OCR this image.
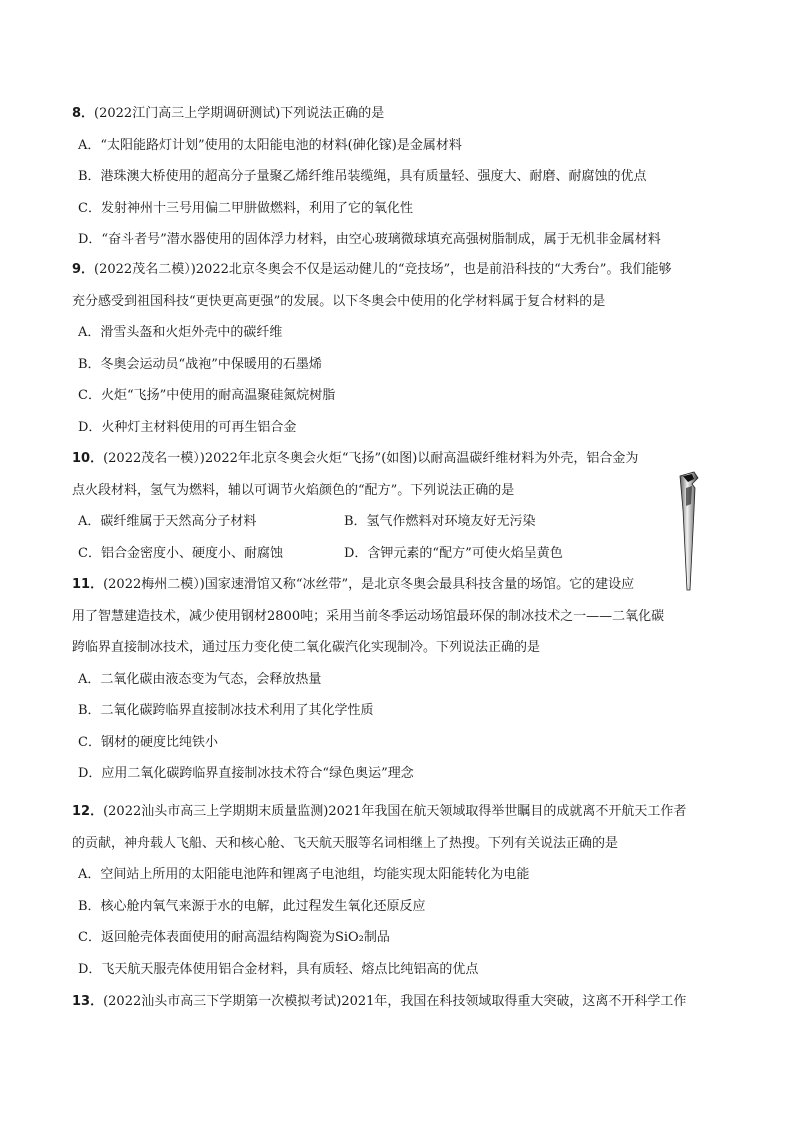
8．(2022江门高三上学期调研测试)下列说法正确的是
A．“太阳能路灯计划”使用的太阳能电池的材料(砷化镓)是金属材料
B．港珠澳大桥使用的超高分子量聚乙烯纤维吊装缆绳，具有质量轻、强度大、耐磨、耐腐蚀的优点
C．发射神州十三号用偏二甲肼做燃料，利用了它的氧化性
D．“奋斗者号”潜水器使用的固体浮力材料，由空心玻璃微球填充高强树脂制成，属于无机非金属材料
9．(2022茂名二模）)2022北京冬奥会不仅是运动健儿的“竞技场”，也是前沿科技的“大秀台”。我们能够
充分感受到祖国科技“更快更高更强”的发展。以下冬奥会中使用的化学材料属于复合材料的是
A．滑雪头盔和火炬外壳中的碳纤维
B．冬奥会运动员“战袍”中保暖用的石墨烯
C．火炬“飞扬”中使用的耐高温聚硅氮烷树脂
D．火种灯主材料使用的可再生铝合金
10．(2022茂名一模）)2022年北京冬奥会火炬“飞扬”(如图)以耐高温碳纤维材料为外壳，铝合金为
点火段材料，氢气为燃料，辅以可调节火焰颜色的“配方”。下列说法正确的是
A．碳纤维属于天然高分子材料	B．氢气作燃料对环境友好无污染
C．铝合金密度小、硬度小、耐腐蚀	D．含钾元素的“配方”可使火焰呈黄色
11．(2022梅州二模）)国家速滑馆又称“冰丝带”，是北京冬奥会最具科技含量的场馆。它的建设应
用了智慧建造技术，减少使用钢材2800吨；采用当前冬季运动场馆最环保的制冰技术之一——二氧化碳
跨临界直接制冰技术，通过压力变化使二氧化碳汽化实现制冷。下列说法正确的是
A．二氧化碳由液态变为气态，会释放热量
B．二氧化碳跨临界直接制冰技术利用了其化学性质
C．钢材的硬度比纯铁小
D．应用二氧化碳跨临界直接制冰技术符合“绿色奥运”理念
12．(2022汕头市高三上学期期末质量监测)2021年我国在航天领域取得举世瞩目的成就离不开航天工作者
的贡献，神舟载人飞船、天和核心舱、飞天航天服等名词相继上了热搜。下列有关说法正确的是
A．空间站上所用的太阳能电池阵和锂离子电池组，均能实现太阳能转化为电能
B．核心舱内氧气来源于水的电解，此过程发生氧化还原反应
C．返回舱壳体表面使用的耐高温结构陶瓷为SiO₂制品
D．飞天航天服壳体使用铝合金材料，具有质轻、熔点比纯铝高的优点
13．(2022汕头市高三下学期第一次模拟考试)2021年，我国在科技领域取得重大突破，这离不开科学工作
